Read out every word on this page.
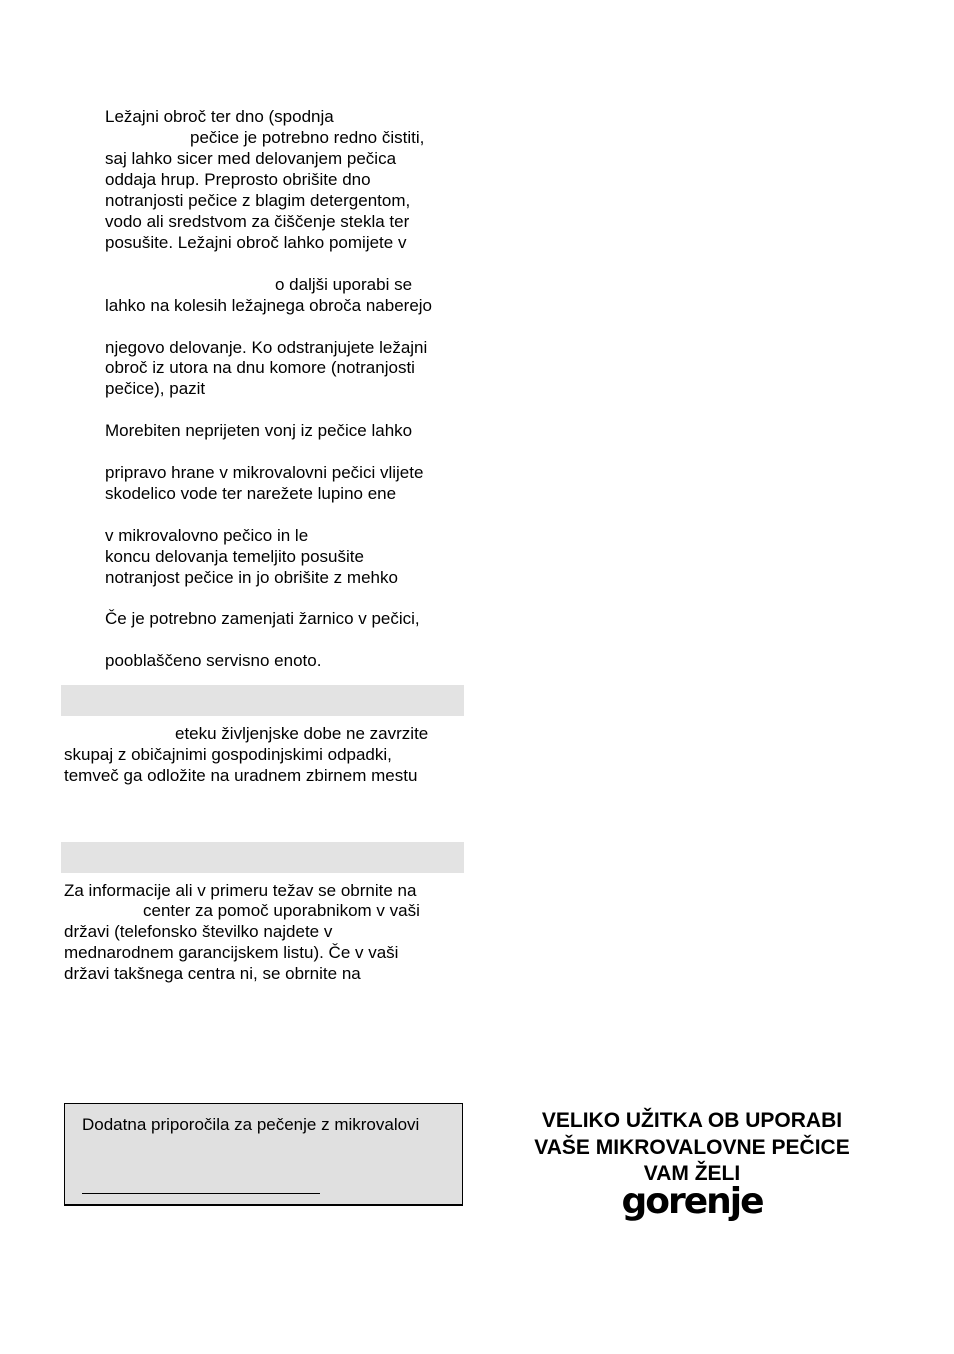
Ležajni obroč ter dno (spodnja
pečice je potrebno redno čistiti,
saj lahko sicer med delovanjem pečica
oddaja hrup. Preprosto obrišite dno
notranjosti pečice z blagim detergentom,
vodo ali sredstvom za čiščenje stekla ter
posušite. Ležajni obroč lahko pomijete v
o daljši uporabi se
lahko na kolesih ležajnega obroča naberejo
njegovo delovanje. Ko odstranjujete ležajni
obroč iz utora na dnu komore (notranjosti
pečice), pazit
Morebiten neprijeten vonj iz pečice lahko
pripravo hrane v mikrovalovni pečici vlijete
skodelico vode ter narežete lupino ene
v mikrovalovno pečico in le
koncu delovanja temeljito posušite
notranjost pečice in jo obrišite z mehko
Če je potrebno zamenjati žarnico v pečici,
pooblaščeno servisno enoto.
eteku življenjske dobe ne zavrzite
skupaj z običajnimi gospodinjskimi odpadki,
temveč ga odložite na uradnem zbirnem mestu
Za informacije ali v primeru težav se obrnite na
center za pomoč uporabnikom v vaši
državi (telefonsko številko najdete v
mednarodnem garancijskem listu). Če v vaši
državi takšnega centra ni, se obrnite na
Dodatna priporočila za pečenje z mikrovalovi	VELIKO UŽITKA OB UPORABI
VAŠE MIKROVALOVNE PEČICE
VAM ŽELI
gorenje
